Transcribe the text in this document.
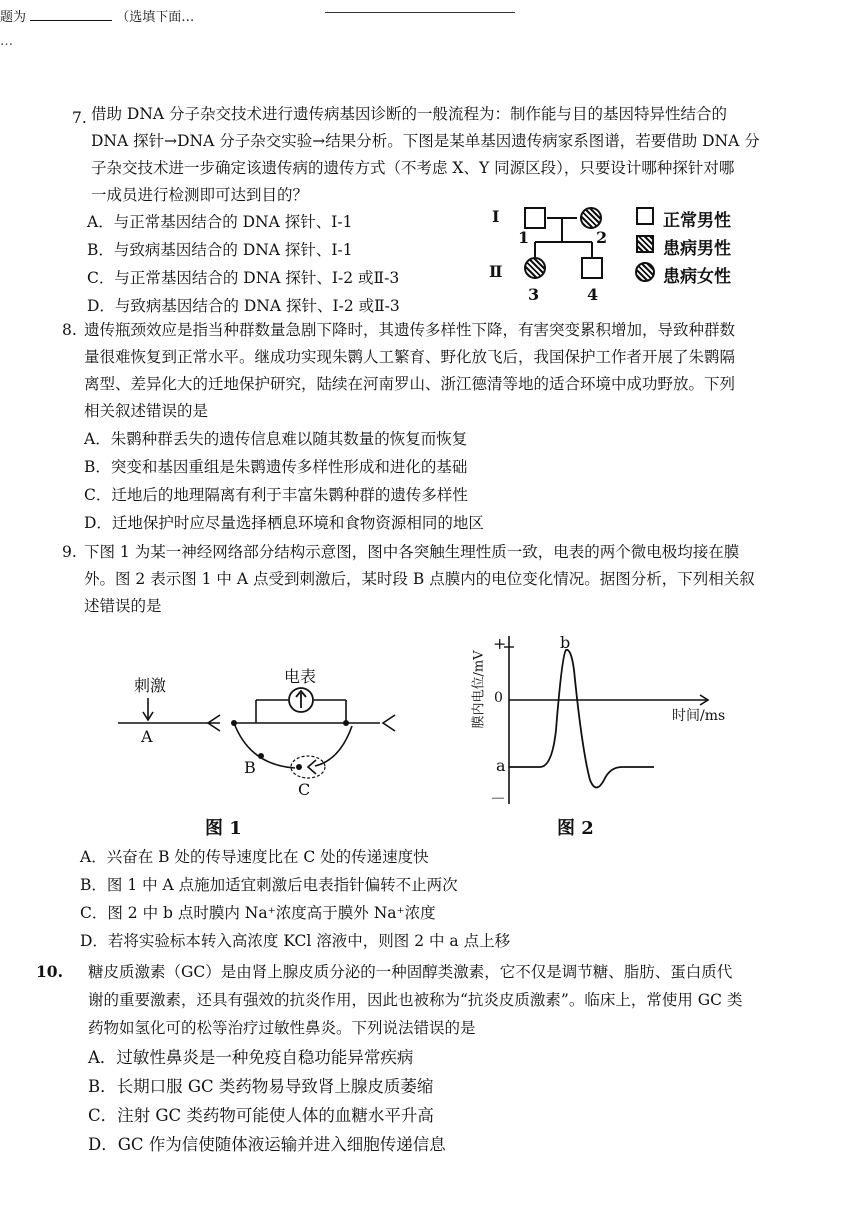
题为	（选填下面…
…
7. 借助 DNA 分子杂交技术进行遗传病基因诊断的一般流程为：制作能与目的基因特异性结合的
DNA 探针→DNA 分子杂交实验→结果分析。下图是某单基因遗传病家系图谱，若要借助 DNA 分
子杂交技术进一步确定该遗传病的遗传方式（不考虑 X、Y 同源区段），只要设计哪种探针对哪
一成员进行检测即可达到目的？
A．与正常基因结合的 DNA 探针、Ⅰ-1
B．与致病基因结合的 DNA 探针、Ⅰ-1
C．与正常基因结合的 DNA 探针、Ⅰ-2 或Ⅱ-3
D．与致病基因结合的 DNA 探针、Ⅰ-2 或Ⅱ-3
Ⅰ
Ⅱ
1	2
3	4
正常男性
患病男性
患病女性
8. 遗传瓶颈效应是指当种群数量急剧下降时，其遗传多样性下降，有害突变累积增加，导致种群数
量很难恢复到正常水平。继成功实现朱鹮人工繁育、野化放飞后，我国保护工作者开展了朱鹮隔
离型、差异化大的迁地保护研究，陆续在河南罗山、浙江德清等地的适合环境中成功野放。下列
相关叙述错误的是
A．朱鹮种群丢失的遗传信息难以随其数量的恢复而恢复
B．突变和基因重组是朱鹮遗传多样性形成和进化的基础
C．迁地后的地理隔离有利于丰富朱鹮种群的遗传多样性
D．迁地保护时应尽量选择栖息环境和食物资源相同的地区
9. 下图 1 为某一神经网络部分结构示意图，图中各突触生理性质一致，电表的两个微电极均接在膜
外。图 2 表示图 1 中 A 点受到刺激后，某时段 B 点膜内的电位变化情况。据图分析，下列相关叙
述错误的是
刺激	电表
A
B
C
图 1
+
0
a
－
b
时间/ms
膜内电位/mV
图 2
A．兴奋在 B 处的传导速度比在 C 处的传递速度快
B．图 1 中 A 点施加适宜刺激后电表指针偏转不止两次
C．图 2 中 b 点时膜内 Na⁺浓度高于膜外 Na⁺浓度
D．若将实验标本转入高浓度 KCl 溶液中，则图 2 中 a 点上移
10. 糖皮质激素（GC）是由肾上腺皮质分泌的一种固醇类激素，它不仅是调节糖、脂肪、蛋白质代
谢的重要激素，还具有强效的抗炎作用，因此也被称为“抗炎皮质激素”。临床上，常使用 GC 类
药物如氢化可的松等治疗过敏性鼻炎。下列说法错误的是
A．过敏性鼻炎是一种免疫自稳功能异常疾病
B．长期口服 GC 类药物易导致肾上腺皮质萎缩
C．注射 GC 类药物可能使人体的血糖水平升高
D．GC 作为信使随体液运输并进入细胞传递信息
